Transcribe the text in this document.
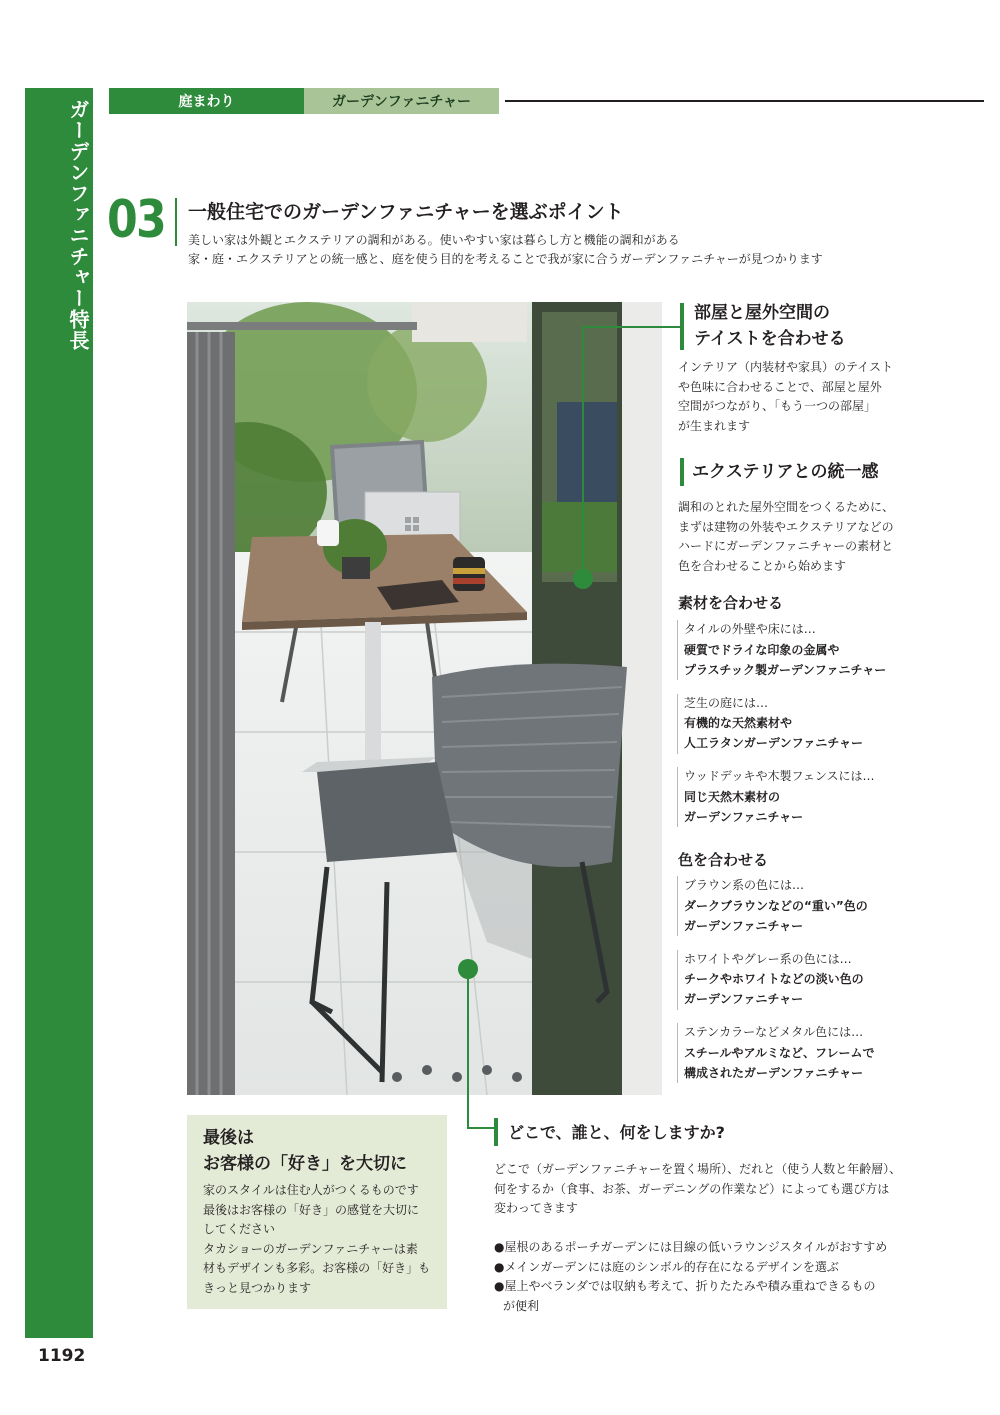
ガーデンファニチャー特長
1192
庭まわり	ガーデンファニチャー
03 一般住宅でのガーデンファニチャーを選ぶポイント
美しい家は外観とエクステリアの調和がある。使いやすい家は暮らし方と機能の調和がある
家・庭・エクステリアとの統一感と、庭を使う目的を考えることで我が家に合うガーデンファニチャーが見つかります
部屋と屋外空間の
テイストを合わせる
インテリア（内装材や家具）のテイスト
や色味に合わせることで、部屋と屋外
空間がつながり、「もう一つの部屋」
が生まれます
エクステリアとの統一感
調和のとれた屋外空間をつくるために、
まずは建物の外装やエクステリアなどの
ハードにガーデンファニチャーの素材と
色を合わせることから始めます
素材を合わせる
タイルの外壁や床には…
硬質でドライな印象の金属や
プラスチック製ガーデンファニチャー
芝生の庭には…
有機的な天然素材や
人工ラタンガーデンファニチャー
ウッドデッキや木製フェンスには…
同じ天然木素材の
ガーデンファニチャー
色を合わせる
ブラウン系の色には…
ダークブラウンなどの“重い”色の
ガーデンファニチャー
ホワイトやグレー系の色には…
チークやホワイトなどの淡い色の
ガーデンファニチャー
ステンカラーなどメタル色には…
スチールやアルミなど、フレームで
構成されたガーデンファニチャー
どこで、誰と、何をしますか?
どこで（ガーデンファニチャーを置く場所）、だれと（使う人数と年齢層）、
何をするか（食事、お茶、ガーデニングの作業など）によっても選び方は
変わってきます
●屋根のあるポーチガーデンには目線の低いラウンジスタイルがおすすめ
●メインガーデンには庭のシンボル的存在になるデザインを選ぶ
●屋上やベランダでは収納も考えて、折りたたみや積み重ねできるもの
が便利
最後は
お客様の「好き」を大切に
家のスタイルは住む人がつくるものです
最後はお客様の「好き」の感覚を大切に
してください
タカショーのガーデンファニチャーは素
材もデザインも多彩。お客様の「好き」も
きっと見つかります
